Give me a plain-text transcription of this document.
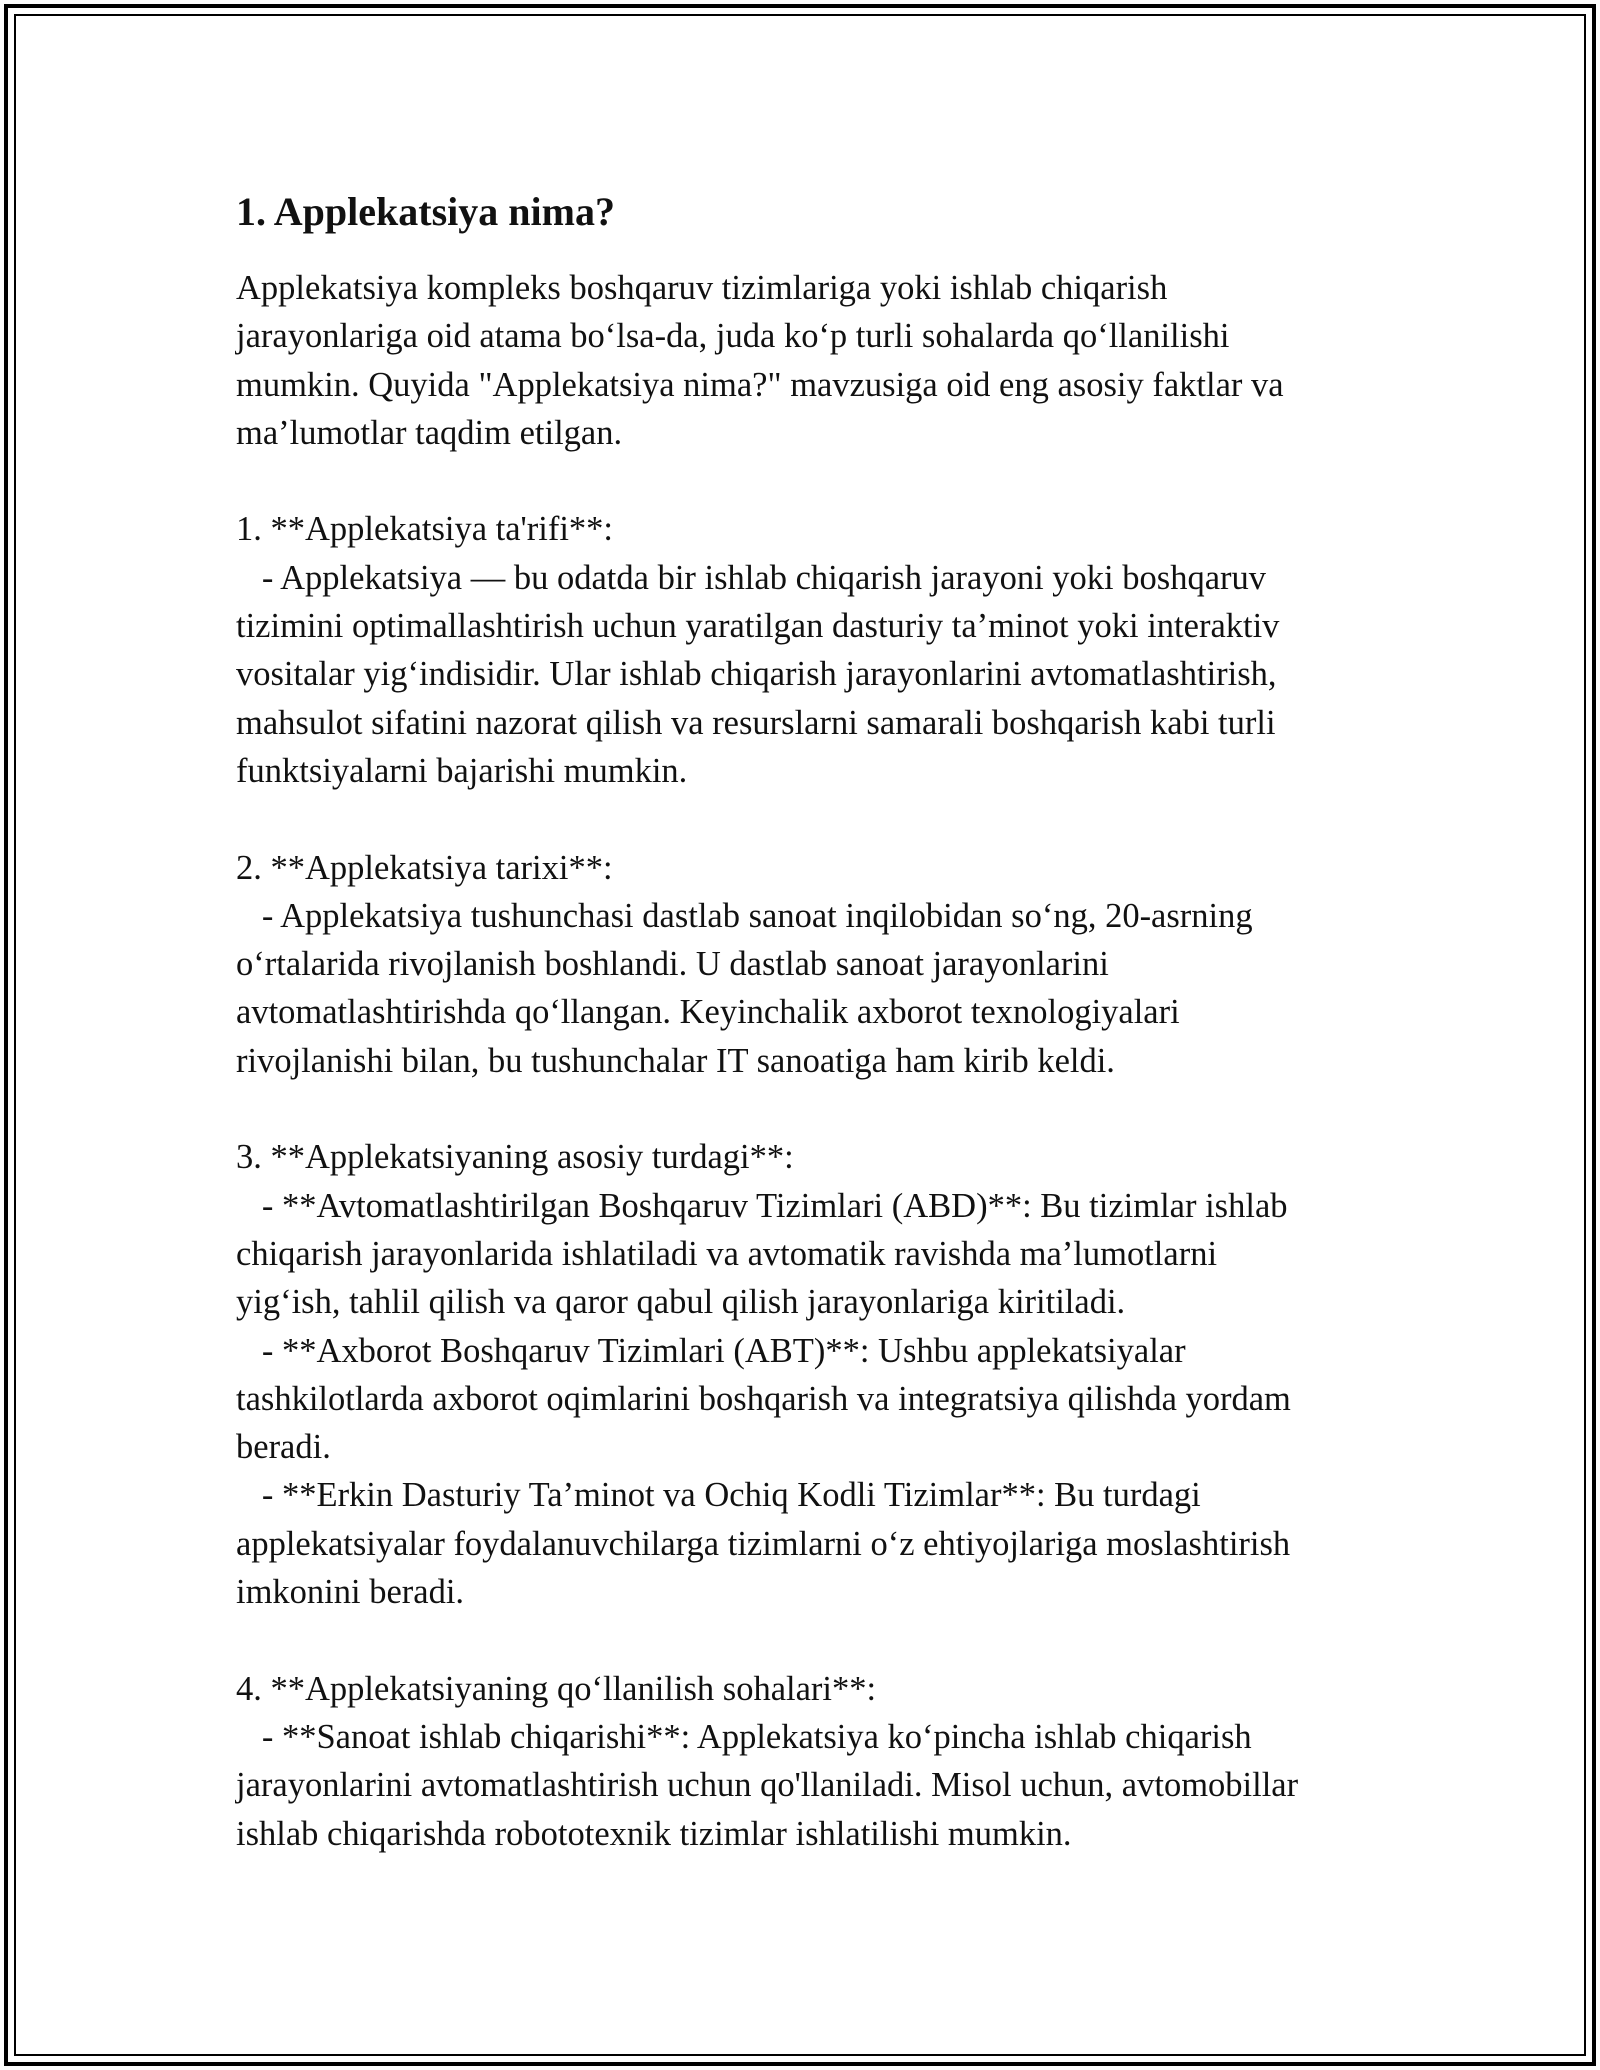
1. Applekatsiya nima?

Applekatsiya kompleks boshqaruv tizimlariga yoki ishlab chiqarish
jarayonlariga oid atama bo‘lsa-da, juda ko‘p turli sohalarda qo‘llanilishi
mumkin. Quyida "Applekatsiya nima?" mavzusiga oid eng asosiy faktlar va
ma’lumotlar taqdim etilgan.

1. **Applekatsiya ta'rifi**:

- Applekatsiya — bu odatda bir ishlab chiqarish jarayoni yoki boshqaruv
tizimini optimallashtirish uchun yaratilgan dasturiy ta’minot yoki interaktiv
vositalar yig‘indisidir. Ular ishlab chiqarish jarayonlarini avtomatlashtirish,
mahsulot sifatini nazorat qilish va resurslarni samarali boshqarish kabi turli
funktsiyalarni bajarishi mumkin.

2. **Applekatsiya tarixi**:

- Applekatsiya tushunchasi dastlab sanoat inqilobidan so‘ng, 20-asrning
o‘rtalarida rivojlanish boshlandi. U dastlab sanoat jarayonlarini
avtomatlashtirishda qo‘llangan. Keyinchalik axborot texnologiyalari
rivojlanishi bilan, bu tushunchalar IT sanoatiga ham kirib keldi.

3. **Applekatsiyaning asosiy turdagi**:

- **Avtomatlashtirilgan Boshqaruv Tizimlari (ABD)**: Bu tizimlar ishlab
chiqarish jarayonlarida ishlatiladi va avtomatik ravishda ma’lumotlarni
yig‘ish, tahlil qilish va qaror qabul qilish jarayonlariga kiritiladi.

- **Axborot Boshqaruv Tizimlari (ABT)**: Ushbu applekatsiyalar
tashkilotlarda axborot oqimlarini boshqarish va integratsiya qilishda yordam
beradi.

- **Erkin Dasturiy Ta’minot va Ochiq Kodli Tizimlar**: Bu turdagi
applekatsiyalar foydalanuvchilarga tizimlarni o‘z ehtiyojlariga moslashtirish
imkonini beradi.

4. **Applekatsiyaning qo‘llanilish sohalari**:

- **Sanoat ishlab chiqarishi**: Applekatsiya ko‘pincha ishlab chiqarish
jarayonlarini avtomatlashtirish uchun qo'llaniladi. Misol uchun, avtomobillar
ishlab chiqarishda robototexnik tizimlar ishlatilishi mumkin.
